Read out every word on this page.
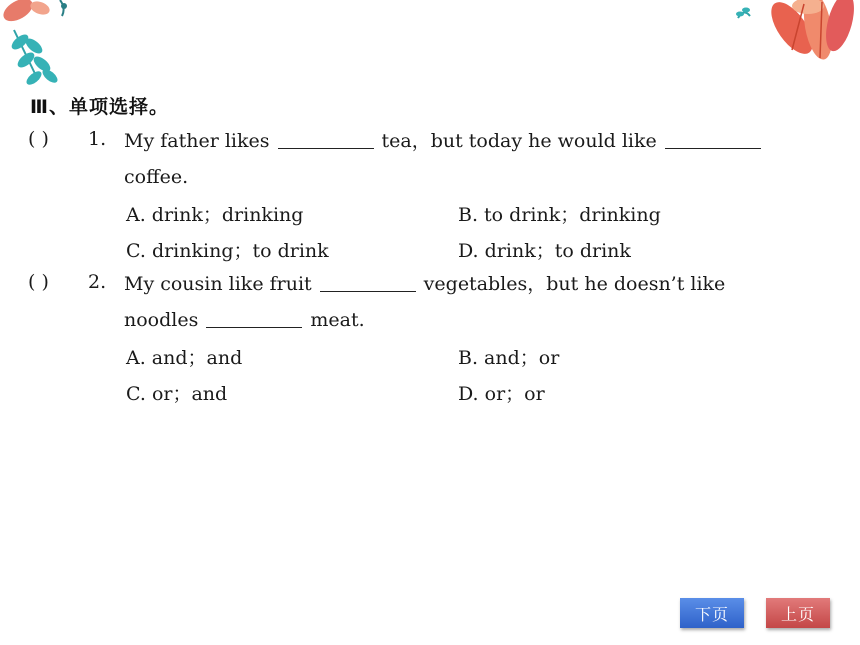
Ⅲ、单项选择。
( ) 1. My father likes	tea，but today he would like
coffee.
A. drink；drinking	B. to drink；drinking
C. drinking；to drink	D. drink；to drink
( ) 2. My cousin like fruit	vegetables，but he doesn’t like
noodles	meat.
A. and；and	B. and；or
C. or；and	D. or；or
下页	上页
